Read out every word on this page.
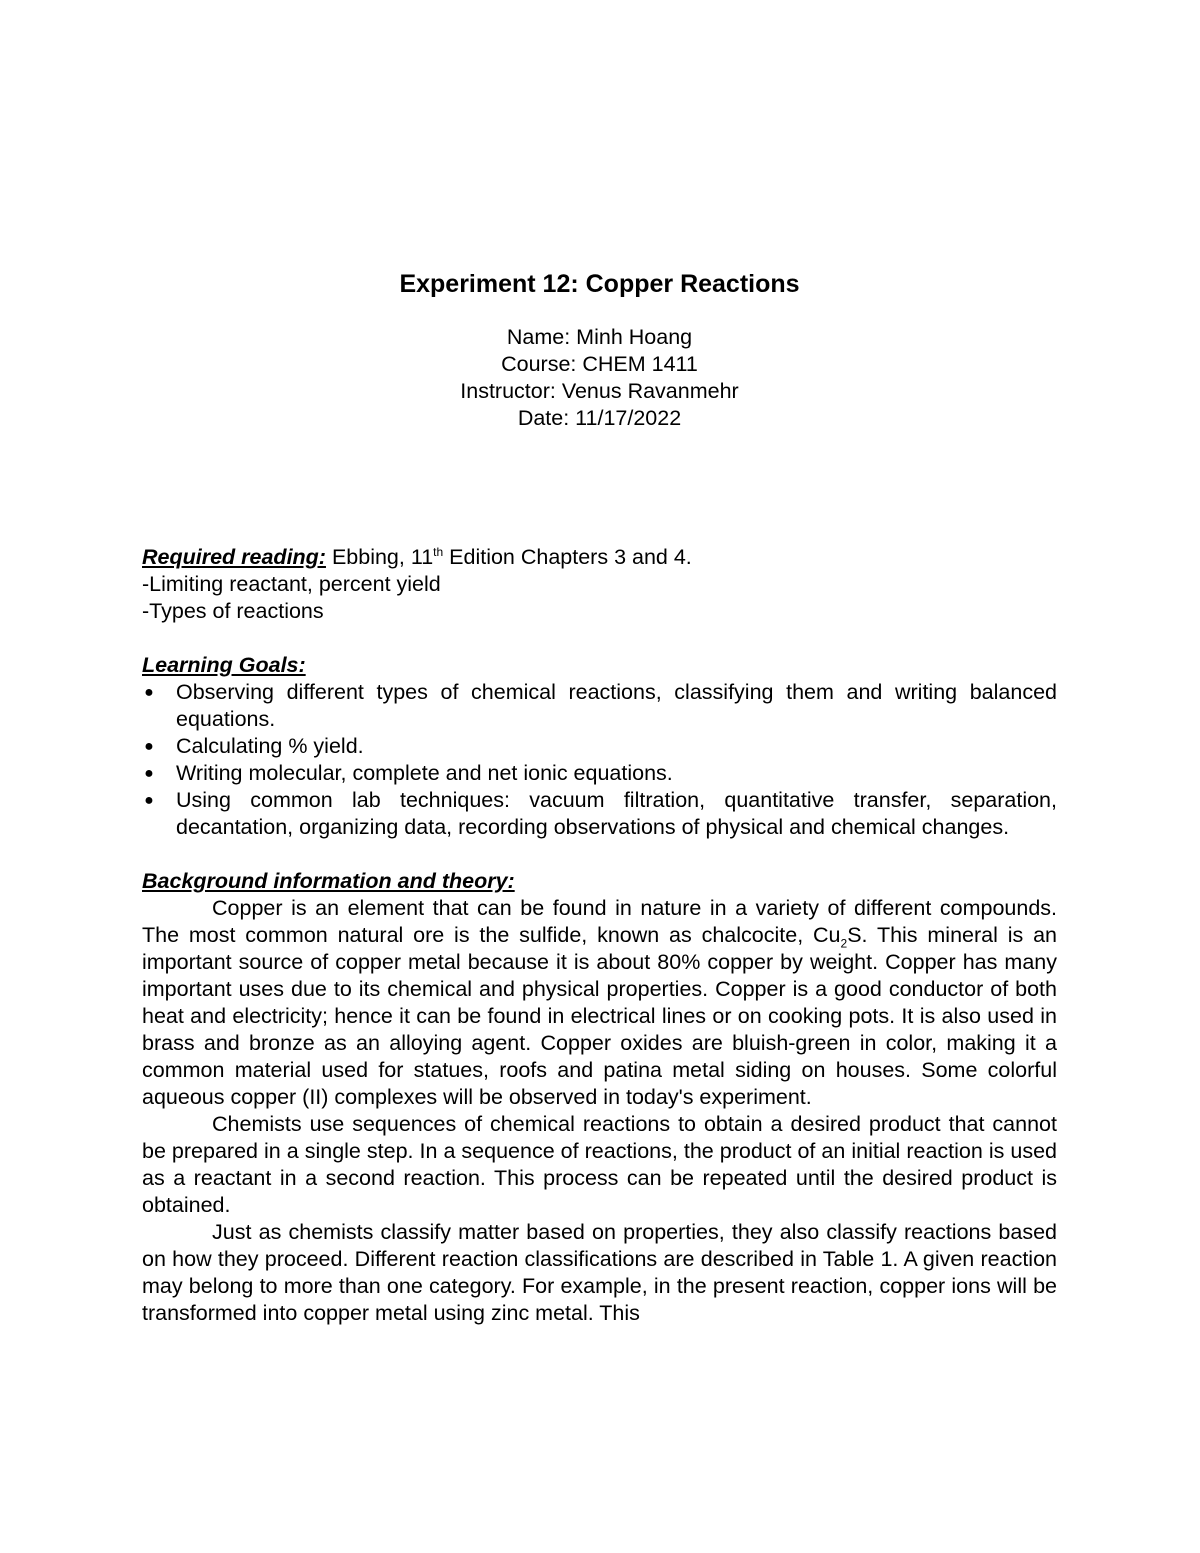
Experiment 12: Copper Reactions
Name: Minh Hoang
Course: CHEM 1411
Instructor: Venus Ravanmehr
Date: 11/17/2022
Required reading: Ebbing, 11th Edition Chapters 3 and 4.
-Limiting reactant, percent yield
-Types of reactions
Learning Goals:
● Observing different types of chemical reactions, classifying them and writing balanced equations.
● Calculating % yield.
● Writing molecular, complete and net ionic equations.
● Using common lab techniques: vacuum filtration, quantitative transfer, separation, decantation, organizing data, recording observations of physical and chemical changes.
Background information and theory:

Copper is an element that can be found in nature in a variety of different compounds. The most common natural ore is the sulfide, known as chalcocite, $Cu_2S$. This mineral is an important source of copper metal because it is about 80% copper by weight. Copper has many important uses due to its chemical and physical properties. Copper is a good conductor of both heat and electricity; hence it can be found in electrical lines or on cooking pots. It is also used in brass and bronze as an alloying agent. Copper oxides are bluish-green in color, making it a common material used for statues, roofs and patina metal siding on houses. Some colorful aqueous copper (II) complexes will be observed in today's experiment.

Chemists use sequences of chemical reactions to obtain a desired product that cannot be prepared in a single step. In a sequence of reactions, the product of an initial reaction is used as a reactant in a second reaction. This process can be repeated until the desired product is obtained.

Just as chemists classify matter based on properties, they also classify reactions based on how they proceed. Different reaction classifications are described in Table 1. A given reaction may belong to more than one category. For example, in the present reaction, copper ions will be transformed into copper metal using zinc metal. This
